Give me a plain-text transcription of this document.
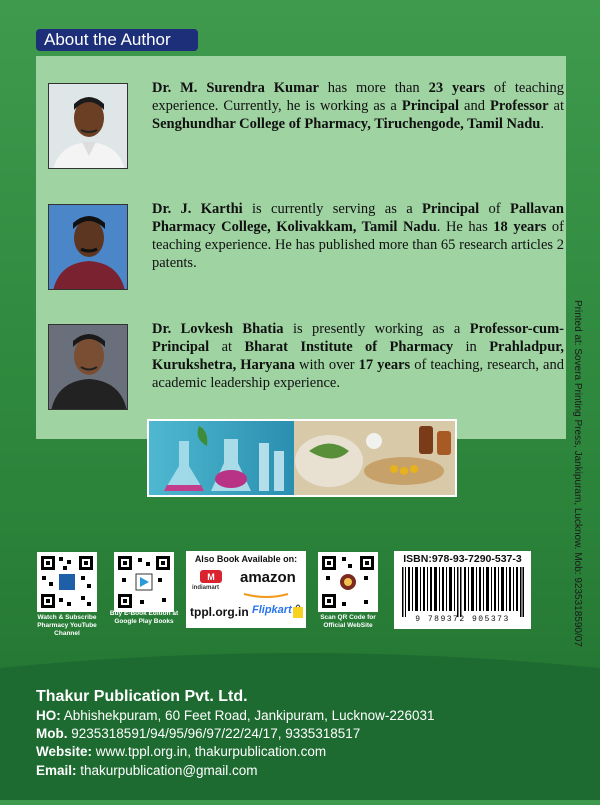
About the Author
Dr. M. Surendra Kumar has more than 23 years of teaching experience. Currently, he is working as a Principal and Professor at Senghundhar College of Pharmacy, Tiruchengode, Tamil Nadu.
Dr. J. Karthi is currently serving as a Principal of Pallavan Pharmacy College, Kolivakkam, Tamil Nadu. He has 18 years of teaching experience. He has published more than 65 research articles 2 patents.
Dr. Lovkesh Bhatia is presently working as a Professor-cum-Principal at Bharat Institute of Pharmacy in Prahladpur, Kurukshetra, Haryana with over 17 years of teaching, research, and academic leadership experience.	Printed at: Sovera Printing Press, Jankipuram, Lucknow. Mob: 9235318590/07
Watch & Subscribe Pharmacy YouTube Channel
Buy E-Book Edition at Google Play Books
Also Book Available on:
M
indiamart
amazon
tppl.org.in Flipkart
Scan QR Code for Official WebSite
ISBN:978-93-7290-537-3
9 789372 905373
Thakur Publication Pvt. Ltd.
HO: Abhishekpuram, 60 Feet Road, Jankipuram, Lucknow-226031
Mob. 9235318591/94/95/96/97/22/24/17, 9335318517
Website: www.tppl.org.in, thakurpublication.com
Email: thakurpublication@gmail.com
